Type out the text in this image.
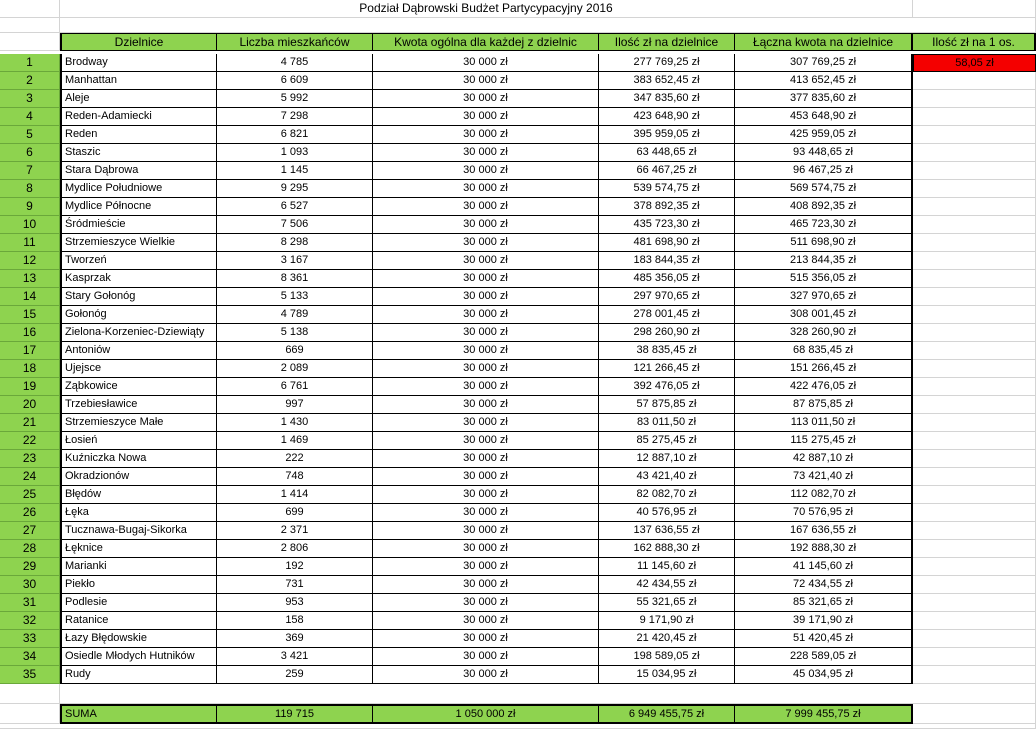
Podział Dąbrowski Budżet Partycypacyjny 2016
Dzielnice	Liczba mieszkańców	Kwota ogólna dla każdej z dzielnic	Ilość zł na dzielnice	Łączna kwota na dzielnice	Ilość zł na 1 os.
1	Brodway	4 785	30 000 zł	277 769,25 zł	307 769,25 zł	58,05 zł
2	Manhattan	6 609	30 000 zł	383 652,45 zł	413 652,45 zł
3	Aleje	5 992	30 000 zł	347 835,60 zł	377 835,60 zł
4	Reden-Adamiecki	7 298	30 000 zł	423 648,90 zł	453 648,90 zł
5	Reden	6 821	30 000 zł	395 959,05 zł	425 959,05 zł
6	Staszic	1 093	30 000 zł	63 448,65 zł	93 448,65 zł
7	Stara Dąbrowa	1 145	30 000 zł	66 467,25 zł	96 467,25 zł
8	Mydlice Południowe	9 295	30 000 zł	539 574,75 zł	569 574,75 zł
9	Mydlice Północne	6 527	30 000 zł	378 892,35 zł	408 892,35 zł
10	Śródmieście	7 506	30 000 zł	435 723,30 zł	465 723,30 zł
11	Strzemieszyce Wielkie	8 298	30 000 zł	481 698,90 zł	511 698,90 zł
12	Tworzeń	3 167	30 000 zł	183 844,35 zł	213 844,35 zł
13	Kasprzak	8 361	30 000 zł	485 356,05 zł	515 356,05 zł
14	Stary Gołonóg	5 133	30 000 zł	297 970,65 zł	327 970,65 zł
15	Gołonóg	4 789	30 000 zł	278 001,45 zł	308 001,45 zł
16	Zielona-Korzeniec-Dziewiąty	5 138	30 000 zł	298 260,90 zł	328 260,90 zł
17	Antoniów	669	30 000 zł	38 835,45 zł	68 835,45 zł
18	Ujejsce	2 089	30 000 zł	121 266,45 zł	151 266,45 zł
19	Ząbkowice	6 761	30 000 zł	392 476,05 zł	422 476,05 zł
20	Trzebiesławice	997	30 000 zł	57 875,85 zł	87 875,85 zł
21	Strzemieszyce Małe	1 430	30 000 zł	83 011,50 zł	113 011,50 zł
22	Łosień	1 469	30 000 zł	85 275,45 zł	115 275,45 zł
23	Kuźniczka Nowa	222	30 000 zł	12 887,10 zł	42 887,10 zł
24	Okradzionów	748	30 000 zł	43 421,40 zł	73 421,40 zł
25	Błędów	1 414	30 000 zł	82 082,70 zł	112 082,70 zł
26	Łęka	699	30 000 zł	40 576,95 zł	70 576,95 zł
27	Tucznawa-Bugaj-Sikorka	2 371	30 000 zł	137 636,55 zł	167 636,55 zł
28	Łęknice	2 806	30 000 zł	162 888,30 zł	192 888,30 zł
29	Marianki	192	30 000 zł	11 145,60 zł	41 145,60 zł
30	Piekło	731	30 000 zł	42 434,55 zł	72 434,55 zł
31	Podlesie	953	30 000 zł	55 321,65 zł	85 321,65 zł
32	Ratanice	158	30 000 zł	9 171,90 zł	39 171,90 zł
33	Łazy Błędowskie	369	30 000 zł	21 420,45 zł	51 420,45 zł
34	Osiedle Młodych Hutników	3 421	30 000 zł	198 589,05 zł	228 589,05 zł
35	Rudy	259	30 000 zł	15 034,95 zł	45 034,95 zł
SUMA	119 715	1 050 000 zł	6 949 455,75 zł	7 999 455,75 zł
